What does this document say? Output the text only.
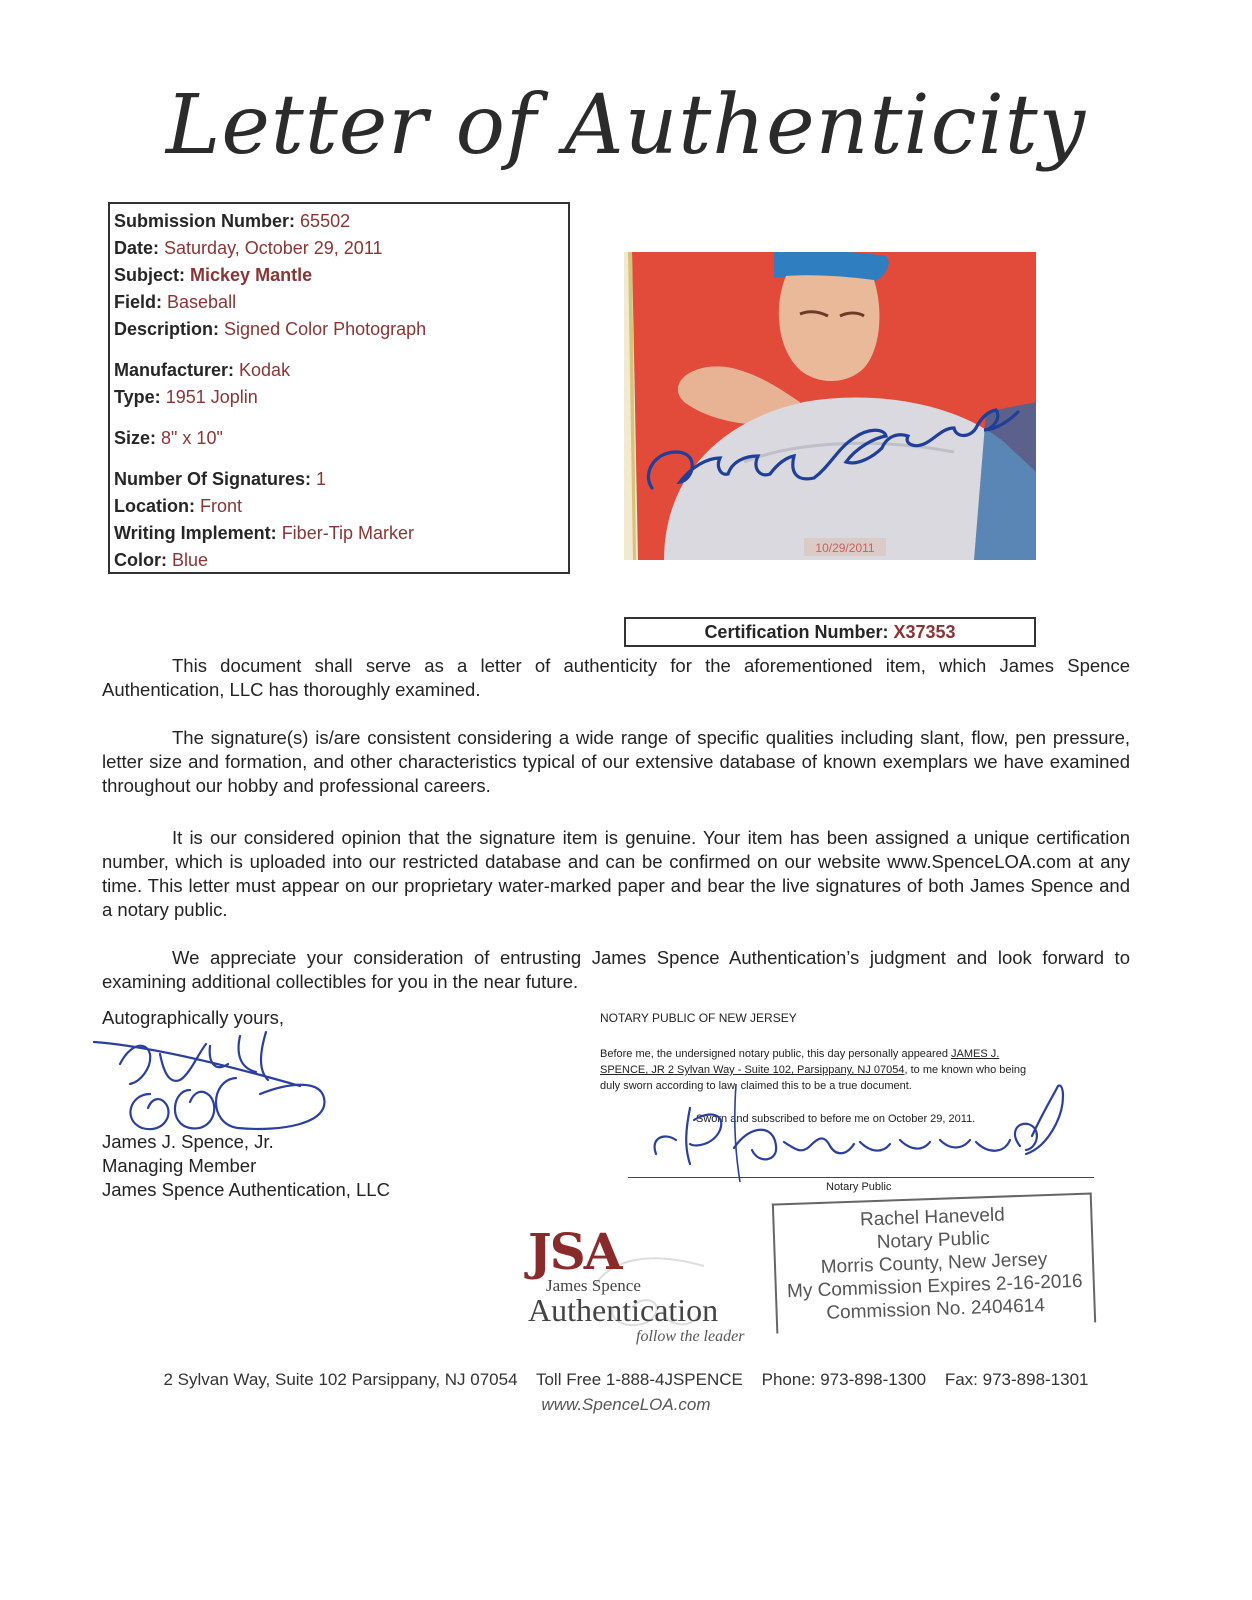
Letter of Authenticity
Submission Number: 65502
Date: Saturday, October 29, 2011
Subject: Mickey Mantle
Field: Baseball
Description: Signed Color Photograph
Manufacturer: Kodak
Type: 1951 Joplin
Size: 8" x 10"
Number Of Signatures: 1
Location: Front
Writing Implement: Fiber-Tip Marker
Color: Blue
10/29/2011
Certification Number: X37353
This document shall serve as a letter of authenticity for the aforementioned item, which James Spence Authentication, LLC has thoroughly examined.
The signature(s) is/are consistent considering a wide range of specific qualities including slant, flow, pen pressure, letter size and formation, and other characteristics typical of our extensive database of known exemplars we have examined throughout our hobby and professional careers.
It is our considered opinion that the signature item is genuine. Your item has been assigned a unique certification number, which is uploaded into our restricted database and can be confirmed on our website www.SpenceLOA.com at any time. This letter must appear on our proprietary water-marked paper and bear the live signatures of both James Spence and a notary public.
We appreciate your consideration of entrusting James Spence Authentication’s judgment and look forward to examining additional collectibles for you in the near future.
Autographically yours,
James J. Spence, Jr.
Managing Member
James Spence Authentication, LLC
NOTARY PUBLIC OF NEW JERSEY
Before me, the undersigned notary public, this day personally appeared JAMES J. SPENCE, JR 2 Sylvan Way - Suite 102, Parsippany, NJ 07054, to me known who being duly sworn according to law, claimed this to be a true document.
Sworn and subscribed to before me on October 29, 2011.
Notary Public
Rachel Haneveld
Notary Public
Morris County, New Jersey
My Commission Expires 2-16-2016
Commission No. 2404614
JSA
James Spence
Authentication
follow the leader
2 Sylvan Way, Suite 102 Parsippany, NJ 07054 Toll Free 1-888-4JSPENCE Phone: 973-898-1300 Fax: 973-898-1301
www.SpenceLOA.com
